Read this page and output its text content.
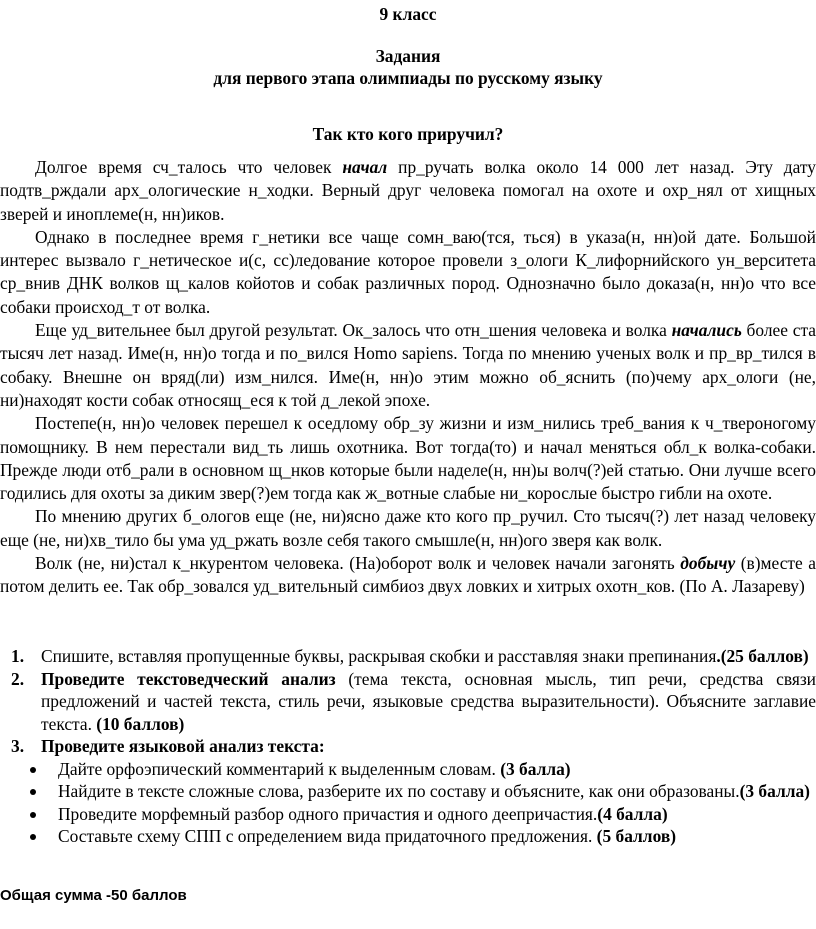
9 класс
Задания
для первого этапа олимпиады по русскому языку
Так кто кого приручил?

Долгое время сч_талось что человек начал пр_ручать волка около 14 000 лет назад. Эту дату подтв_рждали арх_ологические н_ходки. Верный друг человека помогал на охоте и охр_нял от хищных зверей и иноплеме(н, нн)иков.

Однако в последнее время г_нетики все чаще сомн_ваю(тся, ться) в указа(н, нн)ой дате. Большой интерес вызвало г_нетическое и(с, сс)ледование которое провели з_ологи К_лифорнийского ун_верситета ср_внив ДНК волков щ_калов койотов и собак различных пород. Однозначно было доказа(н, нн)о что все собаки происход_т от волка.

Еще уд_вительнее был другой результат. Ок_залось что отн_шения человека и волка начались более ста тысяч лет назад. Име(н, нн)о тогда и по_вился Homo sapiens. Тогда по мнению ученых волк и пр_вр_тился в собаку. Внешне он вряд(ли) изм_нился. Име(н, нн)о этим можно об_яснить (по)чему арх_ологи (не, ни)находят кости собак относящ_еся к той д_лекой эпохе.

Постепе(н, нн)о человек перешел к оседлому обр_зу жизни и изм_нились треб_вания к ч_твероногому помощнику. В нем перестали вид_ть лишь охотника. Вот тогда(то) и начал меняться обл_к волка-собаки. Прежде люди отб_рали в основном щ_нков которые были наделе(н, нн)ы волч(?)ей статью. Они лучше всего годились для охоты за диким звер(?)ем тогда как ж_вотные слабые ни_корослые быстро гибли на охоте.

По мнению других б_ологов еще (не, ни)ясно даже кто кого пр_ручил. Сто тысяч(?) лет назад человеку еще (не, ни)хв_тило бы ума уд_ржать возле себя такого смышле(н, нн)ого зверя как волк.

Волк (не, ни)стал к_нкурентом человека. (На)оборот волк и человек начали загонять добычу (в)месте а потом делить ее. Так обр_зовался уд_вительный симбиоз двух ловких и хитрых охотн_ков. (По А. Лазареву)

1. Спишите, вставляя пропущенные буквы, раскрывая скобки и расставляя знаки препинания.(25 баллов)

2. Проведите текстоведческий анализ (тема текста, основная мысль, тип речи, средства связи предложений и частей текста, стиль речи, языковые средства выразительности). Объясните заглавие текста. (10 баллов)

3. Проведите языковой анализ текста:

Дайте орфоэпический комментарий к выделенным словам. (3 балла)

Найдите в тексте сложные слова, разберите их по составу и объясните, как они образованы.(3 балла)

Проведите морфемный разбор одного причастия и одного деепричастия.(4 балла)

Составьте схему СПП с определением вида придаточного предложения. (5 баллов)

Общая сумма -50 баллов
